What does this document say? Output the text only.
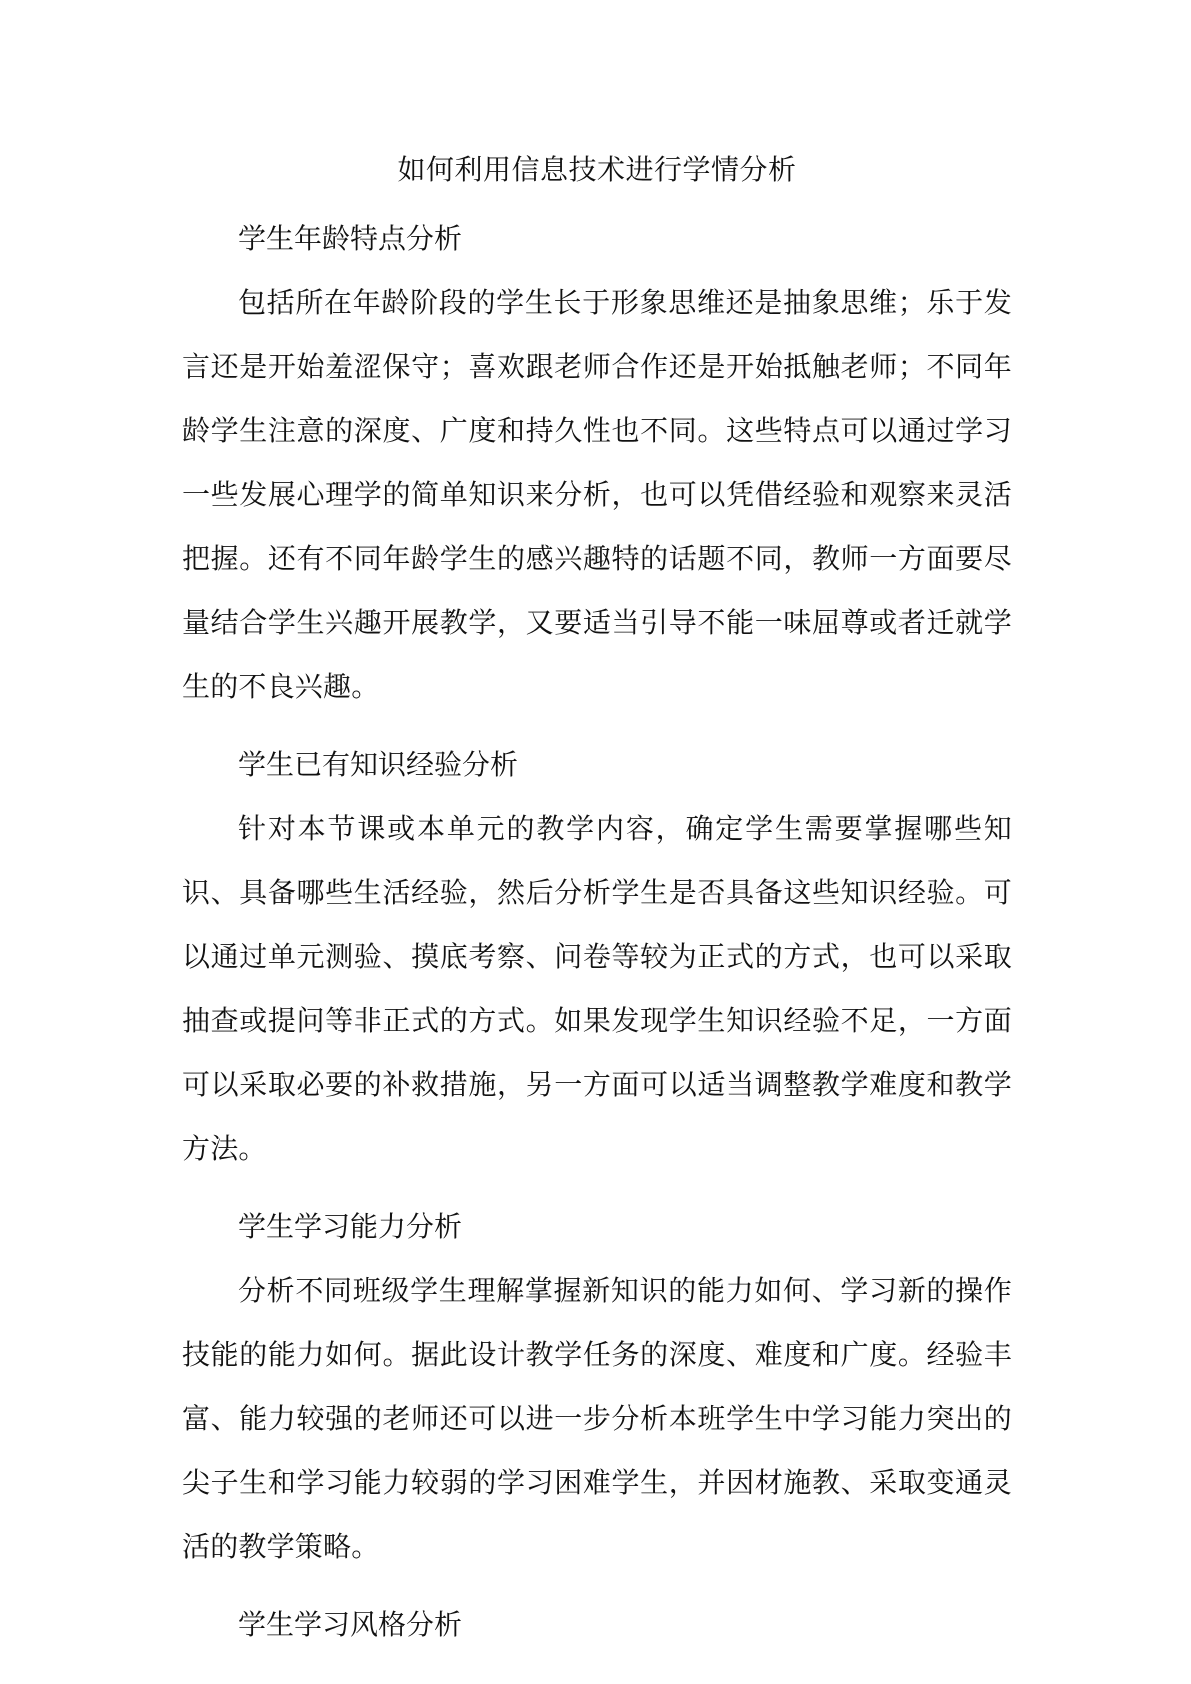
如何利用信息技术进行学情分析

学生年龄特点分析

包括所在年龄阶段的学生长于形象思维还是抽象思维；乐于发言还是开始羞涩保守；喜欢跟老师合作还是开始抵触老师；不同年龄学生注意的深度、广度和持久性也不同。这些特点可以通过学习一些发展心理学的简单知识来分析，也可以凭借经验和观察来灵活把握。还有不同年龄学生的感兴趣特的话题不同，教师一方面要尽量结合学生兴趣开展教学，又要适当引导不能一味屈尊或者迁就学生的不良兴趣。

学生已有知识经验分析

针对本节课或本单元的教学内容，确定学生需要掌握哪些知识、具备哪些生活经验，然后分析学生是否具备这些知识经验。可以通过单元测验、摸底考察、问卷等较为正式的方式，也可以采取抽查或提问等非正式的方式。如果发现学生知识经验不足，一方面可以采取必要的补救措施，另一方面可以适当调整教学难度和教学方法。

学生学习能力分析

分析不同班级学生理解掌握新知识的能力如何、学习新的操作技能的能力如何。据此设计教学任务的深度、难度和广度。经验丰富、能力较强的老师还可以进一步分析本班学生中学习能力突出的尖子生和学习能力较弱的学习困难学生，并因材施教、采取变通灵活的教学策略。

学生学习风格分析
